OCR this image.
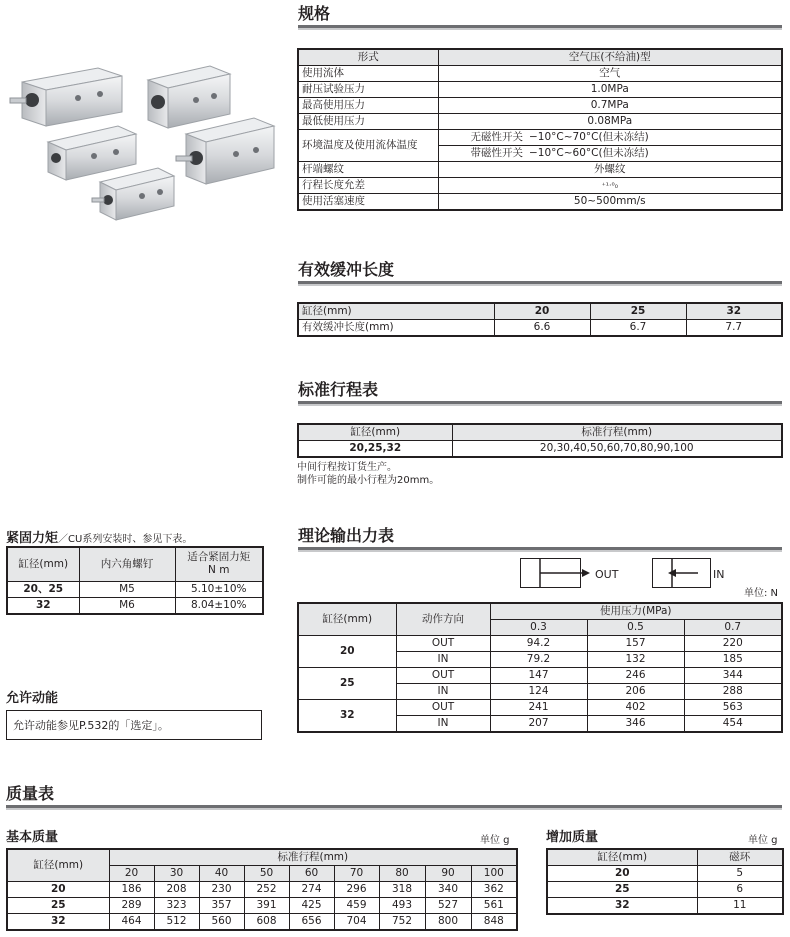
规格
形式	空气压(不给油)型	
使用流体	空气	
耐压试验压力	1.0MPa	
最高使用压力	0.7MPa	
最低使用压力	0.08MPa	
环境温度及使用流体温度	无磁性开关	−10°C~70°C(但未冻结)
	带磁性开关	−10°C~60°C(但未冻结)
杆端螺纹	外螺纹	
行程长度允差	⁺¹·⁰₀	
使用活塞速度	50~500mm/s	
有效缓冲长度
缸径(mm)	20	25	32
有效缓冲长度(mm)	6.6	6.7	7.7
标准行程表
缸径(mm)	标准行程(mm)
20,25,32	20,30,40,50,60,70,80,90,100
中间行程按订货生产。
制作可能的最小行程为20mm。
紧固力矩／CU系列安装时、参见下表。
缸径(mm)	内六角螺钉	适合紧固力矩
N m
20、25	M5	5.10±10%
32	M6	8.04±10%
允许动能
允许动能参见P.532的「选定」。
理论输出力表
OUT	IN
单位: N
缸径(mm)	动作方向	使用压力(MPa)		
		0.3	0.5	0.7
20	OUT	94.2	157	220
	IN	79.2	132	185
25	OUT	147	246	344
	IN	124	206	288
32	OUT	241	402	563
	IN	207	346	454
质量表
基本质量	单位 g
缸径(mm)	标准行程(mm)								
	20	30	40	50	60	70	80	90	100
20	186	208	230	252	274	296	318	340	362
25	289	323	357	391	425	459	493	527	561
32	464	512	560	608	656	704	752	800	848
增加质量	单位 g
缸径(mm)	磁环
20	5
25	6
32	11
